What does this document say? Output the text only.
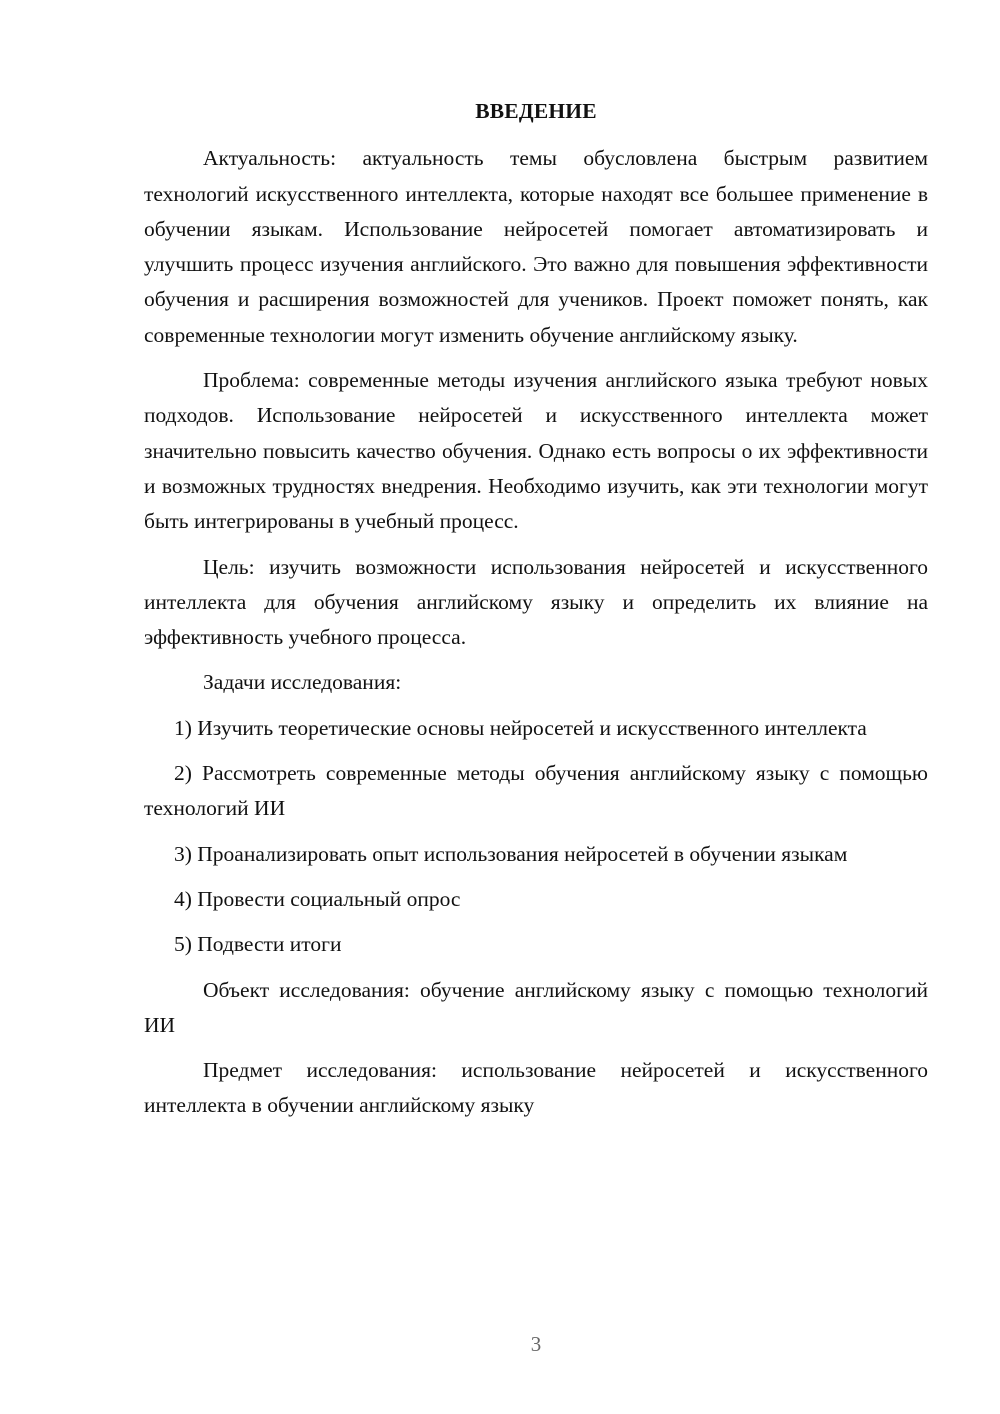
ВВЕДЕНИЕ

Актуальность: актуальность темы обусловлена быстрым развитием технологий искусственного интеллекта, которые находят все большее применение в обучении языкам. Использование нейросетей помогает автоматизировать и улучшить процесс изучения английского. Это важно для повышения эффективности обучения и расширения возможностей для учеников. Проект поможет понять, как современные технологии могут изменить обучение английскому языку.

Проблема: современные методы изучения английского языка требуют новых подходов. Использование нейросетей и искусственного интеллекта может значительно повысить качество обучения. Однако есть вопросы о их эффективности и возможных трудностях внедрения. Необходимо изучить, как эти технологии могут быть интегрированы в учебный процесс.

Цель: изучить возможности использования нейросетей и искусственного интеллекта для обучения английскому языку и определить их влияние на эффективность учебного процесса.

Задачи исследования:

1) Изучить теоретические основы нейросетей и искусственного интеллекта

2) Рассмотреть современные методы обучения английскому языку с помощью технологий ИИ

3) Проанализировать опыт использования нейросетей в обучении языкам

4) Провести социальный опрос

5) Подвести итоги

Объект исследования: обучение английскому языку с помощью технологий ИИ

Предмет исследования: использование нейросетей и искусственного интеллекта в обучении английскому языку

3
